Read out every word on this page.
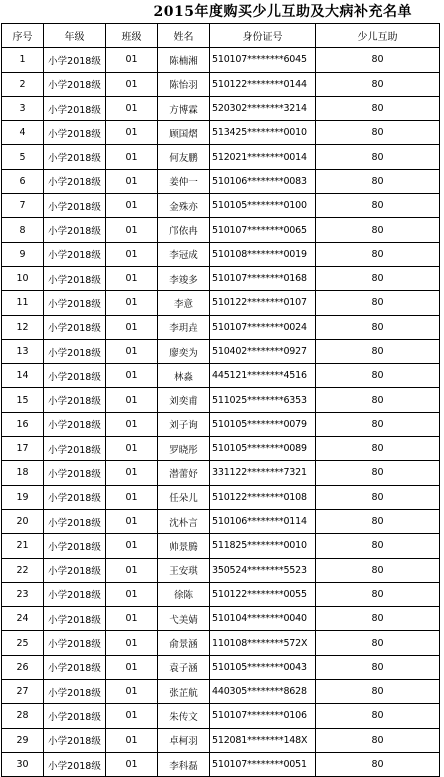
2015年度购买少儿互助及大病补充名单
序号	年级	班级	姓名	身份证号	少儿互助
1	小学2018级	01	陈楠湘	510107********6045	80
2	小学2018级	01	陈怡羽	510122********0144	80
3	小学2018级	01	方博霖	520302********3214	80
4	小学2018级	01	顾国熠	513425********0010	80
5	小学2018级	01	何友鹏	512021********0014	80
6	小学2018级	01	姜仲一	510106********0083	80
7	小学2018级	01	金殊亦	510105********0100	80
8	小学2018级	01	邝依冉	510107********0065	80
9	小学2018级	01	李冠成	510108********0019	80
10	小学2018级	01	李竣多	510107********0168	80
11	小学2018级	01	李意	510122********0107	80
12	小学2018级	01	李玥垚	510107********0024	80
13	小学2018级	01	廖奕为	510402********0927	80
14	小学2018级	01	林淼	445121********4516	80
15	小学2018级	01	刘奕甫	511025********6353	80
16	小学2018级	01	刘子询	510105********0079	80
17	小学2018级	01	罗晓彤	510105********0089	80
18	小学2018级	01	潜蕾妤	331122********7321	80
19	小学2018级	01	任朵儿	510122********0108	80
20	小学2018级	01	沈朴言	510106********0114	80
21	小学2018级	01	帅景腾	511825********0010	80
22	小学2018级	01	王安琪	350524********5523	80
23	小学2018级	01	徐陈	510122********0055	80
24	小学2018级	01	弋美婧	510104********0040	80
25	小学2018级	01	俞景涵	110108********572X	80
26	小学2018级	01	袁子涵	510105********0043	80
27	小学2018级	01	张芷航	440305********8628	80
28	小学2018级	01	朱传文	510107********0106	80
29	小学2018级	01	卓柯羽	512081********148X	80
30	小学2018级	01	李科磊	510107********0051	80
